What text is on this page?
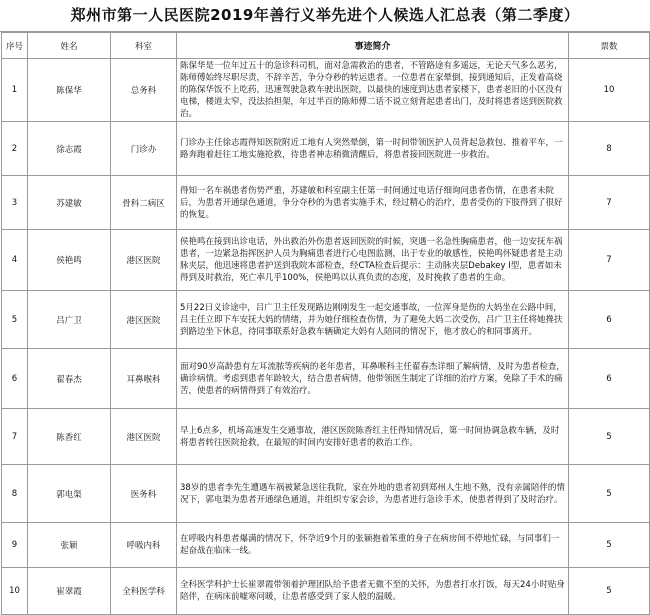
郑州市第一人民医院2019年善行义举先进个人候选人汇总表（第二季度）
序号	姓名	科室	事迹简介	票数
1	陈保华	总务科	陈保华是一位年过五十的急诊科司机，面对急需救治的患者，不管路途有多遥远，无论天气多么恶劣，陈师傅始终尽职尽责，不辞辛苦，争分夺秒的转运患者。一位患者在家晕倒，接到通知后，正发着高烧的陈保华饭不上吃药，迅速驾驶急救车驶出医院，以最快的速度到达患者家楼下，患者老旧的小区没有电梯，楼道太窄，没法抬担架，年过半百的陈师傅二话不说立刻背起患者出门，及时将患者送到医院救治。	10
2	徐志霞	门诊办	门诊办主任徐志霞得知医院附近工地有人突然晕倒，第一时间带领医护人员背起急救包、推着平车，一路奔跑着赶往工地实施抢救，待患者神志稍微清醒后，将患者接回医院进一步救治。	8
3	苏建敏	骨科二病区	得知一名车祸患者伤势严重，苏建敏和科室副主任第一时间通过电话仔细询问患者伤情，在患者未院后，为患者开通绿色通道，争分夺秒的为患者实施手术，经过精心的治疗，患者受伤的下肢得到了很好的恢复。	7
4	侯艳鸣	港区医院	侯艳鸣在接到出诊电话，外出救治外伤患者返回医院的时候，突遇一名急性胸痛患者，他一边安抚车祸患者，一边紧急指挥医护人员为胸痛患者进行心电图监测，出于专业的敏感性，侯艳鸣怀疑患者是主动脉夹层，他迅速将患者护送到我院本部检查，经CTA检查后提示：主动脉夹层Debakey I型，患者如未得到及时救治，死亡率几乎100%，侯艳鸣以认真负责的态度，及时挽救了患者的生命。	7
5	吕广卫	港区医院	5月22日义诊途中，吕广卫主任发现路边刚刚发生一起交通事故，一位浑身是伤的大妈坐在公路中间，吕主任立即下车安抚大妈的情绪，并为她仔细检查伤情，为了避免大妈二次受伤，吕广卫主任将她搀扶到路边坐下休息，待同事联系好急救车辆确定大妈有人陪同的情况下，他才放心的和同事离开。	6
6	翟春杰	耳鼻喉科	面对90岁高龄患有左耳流脓等疾病的老年患者，耳鼻喉科主任翟春杰详细了解病情，及时为患者检查，确诊病情。考虑到患者年龄较大，结合患者病情，他带领医生制定了详细的治疗方案，免除了手术的痛苦，使患者的病情得到了有效治疗。	6
7	陈香红	港区医院	早上6点多，机场高速发生交通事故，港区医院陈香红主任得知情况后，第一时间协调急救车辆，及时将患者转往医院抢救，在最短的时间内安排好患者的救治工作。	5
8	郭电渠	医务科	38岁的患者李先生遭遇车祸被紧急送往我院，家在外地的患者初到郑州人生地不熟，没有亲属陪伴的情况下，郭电渠为患者开通绿色通道，并组织专家会诊，为患者进行急诊手术，使患者得到了及时治疗。	5
9	张颖	呼吸内科	在呼吸内科患者爆满的情况下，怀孕近9个月的张颖抱着笨重的身子在病房间不停地忙碌，与同事们一起奋战在临床一线。	5
10	崔翠霞	全科医学科	全科医学科护士长崔翠霞带领着护理团队给予患者无微不至的关怀，为患者打水打饭，每天24小时贴身陪伴，在病床前嘘寒问暖，让患者感受到了家人般的温暖。	5
